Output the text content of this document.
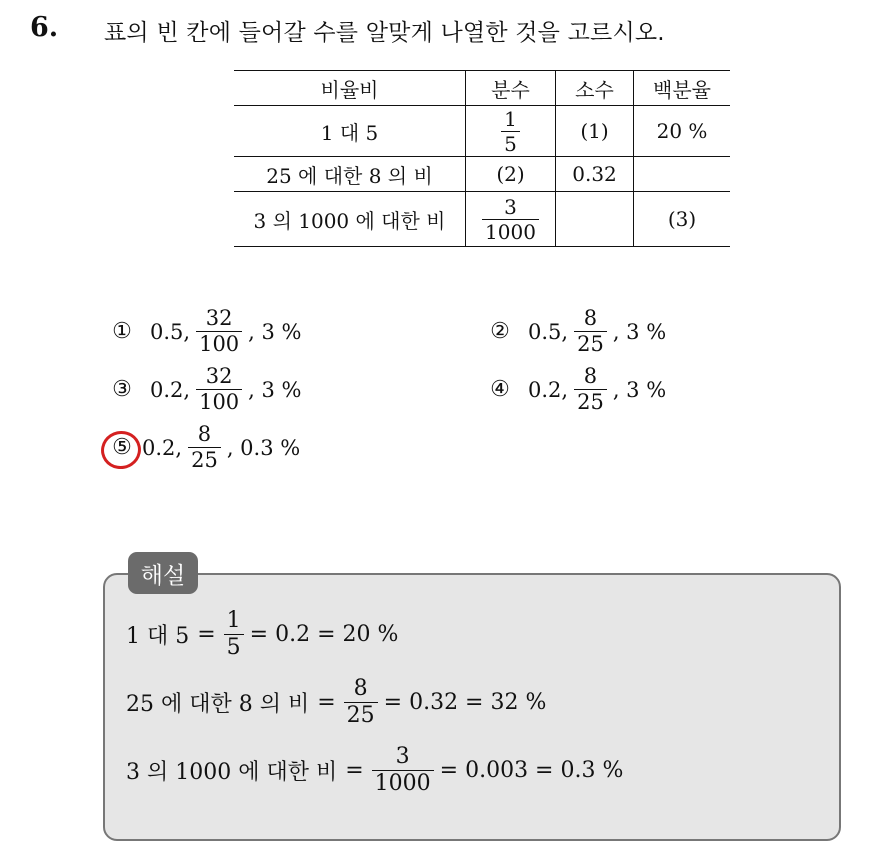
6. 표의 빈 칸에 들어갈 수를 알맞게 나열한 것을 고르시오.
비율비	분수	소수	백분율
1 대 5	$\frac{1}{5}$	(1)	20 %
25 에 대한 8 의 비	(2)	0.32	
3 의 1000 에 대한 비	$\frac{3}{1000}$		(3)
① 0.5, $\frac{32}{100}$ , 3 %	② 0.5, $\frac{8}{25}$ , 3 %
③ 0.2, $\frac{32}{100}$ , 3 %	④ 0.2, $\frac{8}{25}$ , 3 %
⑤ 0.2, $\frac{8}{25}$ , 0.3 %
해설
1 대 $5 = \frac{1}{5} = 0.2 = 20$ %
25 에 대한 8 의 비 = $\frac{8}{25} = 0.32 = 32$ %
3 의 1000 에 대한 비 = $\frac{3}{1000} = 0.003 = 0.3$ %
